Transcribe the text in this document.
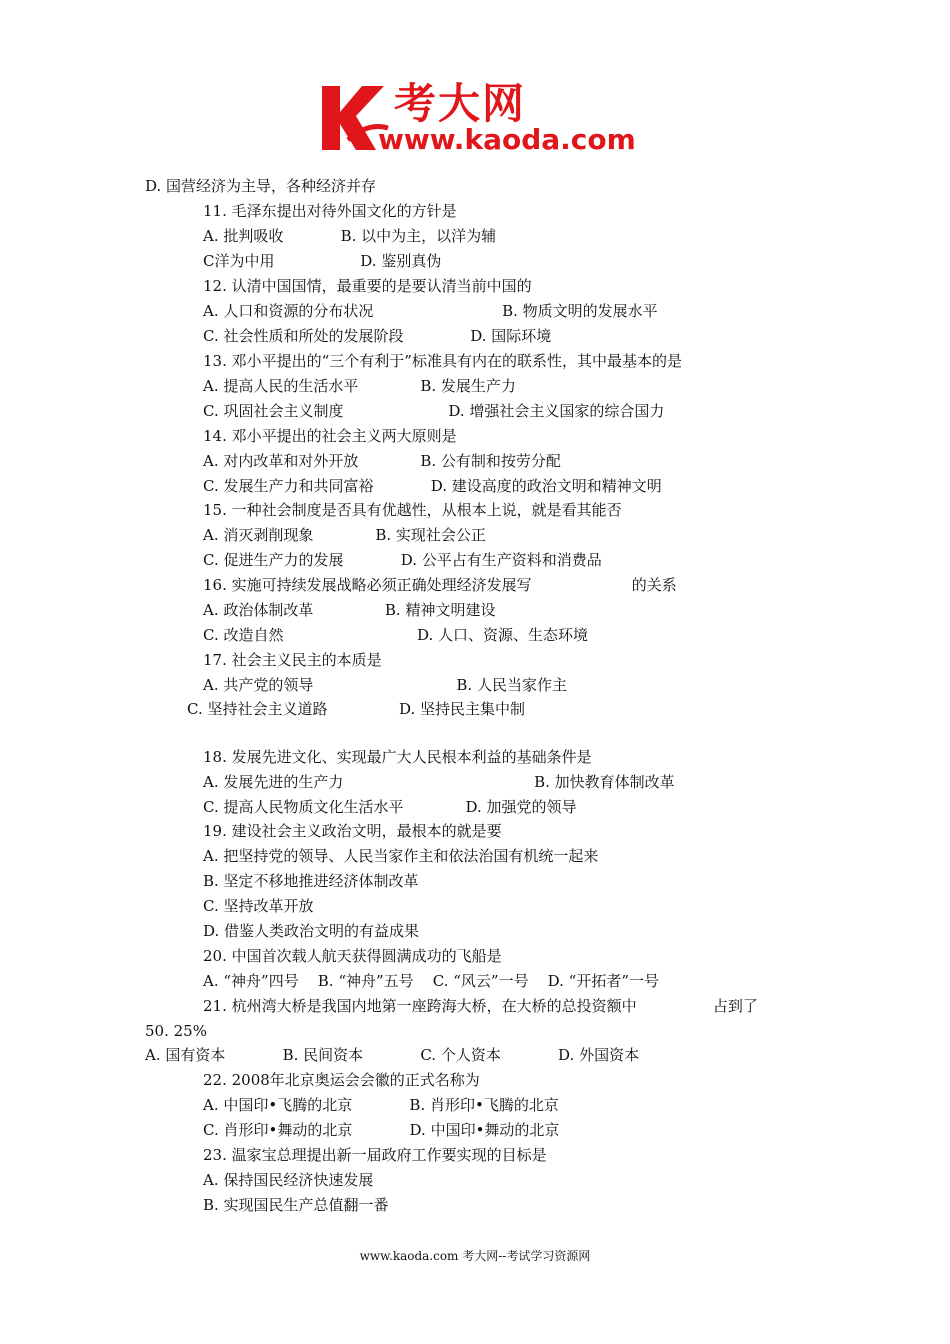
考大网
www.kaoda.com
D. 国营经济为主导，各种经济并存
11. 毛泽东提出对待外国文化的方针是
A. 批判吸收            B. 以中为主，以洋为辅
C洋为中用                  D. 鉴别真伪
12. 认清中国国情，最重要的是要认清当前中国的
A. 人口和资源的分布状况                           B. 物质文明的发展水平
C. 社会性质和所处的发展阶段              D. 国际环境
13. 邓小平提出的“三个有利于”标准具有内在的联系性，其中最基本的是
A. 提高人民的生活水平             B. 发展生产力
C. 巩固社会主义制度                      D. 增强社会主义国家的综合国力
14. 邓小平提出的社会主义两大原则是
A. 对内改革和对外开放             B. 公有制和按劳分配
C. 发展生产力和共同富裕            D. 建设高度的政治文明和精神文明
15. 一种社会制度是否具有优越性，从根本上说，就是看其能否
A. 消灭剥削现象             B. 实现社会公正
C. 促进生产力的发展            D. 公平占有生产资料和消费品
16. 实施可持续发展战略必须正确处理经济发展写                     的关系
A. 政治体制改革               B. 精神文明建设
C. 改造自然                            D. 人口、资源、生态环境
17. 社会主义民主的本质是
A. 共产党的领导                              B. 人民当家作主
C. 坚持社会主义道路               D. 坚持民主集中制
18. 发展先进文化、实现最广大人民根本利益的基础条件是
A. 发展先进的生产力                                        B. 加快教育体制改革
C. 提高人民物质文化生活水平             D. 加强党的领导
19. 建设社会主义政治文明，最根本的就是要
A. 把坚持党的领导、人民当家作主和依法治国有机统一起来
B. 坚定不移地推进经济体制改革
C. 坚持改革开放
D. 借鉴人类政治文明的有益成果
20. 中国首次载人航天获得圆满成功的飞船是
A. “神舟”四号    B. “神舟”五号    C. “风云”一号    D. “开拓者”一号
21. 杭州湾大桥是我国内地第一座跨海大桥，在大桥的总投资额中                占到了
50. 25%
A. 国有资本            B. 民间资本            C. 个人资本            D. 外国资本
22. 2008年北京奥运会会徽的正式名称为
A. 中国印•飞腾的北京            B. 肖形印•飞腾的北京
C. 肖形印•舞动的北京            D. 中国印•舞动的北京
23. 温家宝总理提出新一届政府工作要实现的目标是
A. 保持国民经济快速发展
B. 实现国民生产总值翻一番
www.kaoda.com 考大网--考试学习资源网
